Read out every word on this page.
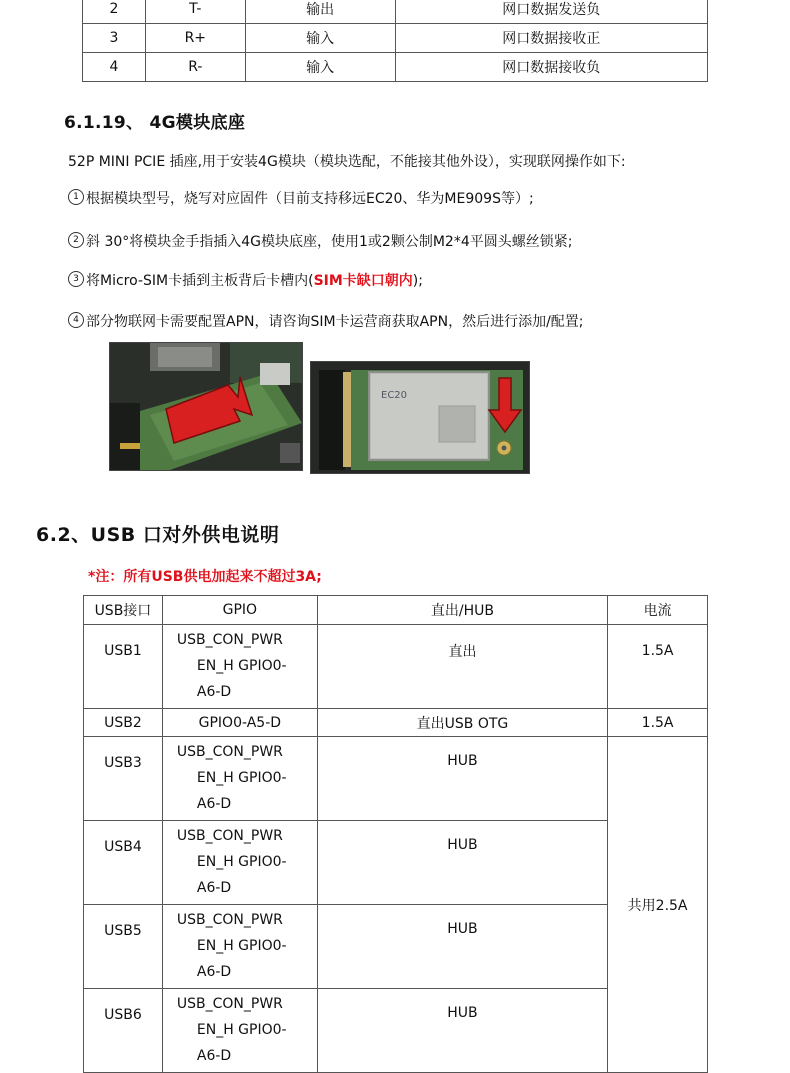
2	T-	输出	网口数据发送负
3	R+	输入	网口数据接收正
4	R-	输入	网口数据接收负
6.1.19、 4G模块底座
52P MINI PCIE 插座,用于安装4G模块（模块选配，不能接其他外设），实现联网操作如下:
1 根据模块型号，烧写对应固件（目前支持移远EC20、华为ME909S等）;
2 斜 30°将模块金手指插入4G模块底座，使用1或2颗公制M2*4平圆头螺丝锁紧;
3 将Micro-SIM卡插到主板背后卡槽内(SIM卡缺口朝内);
4 部分物联网卡需要配置APN，请咨询SIM卡运营商获取APN，然后进行添加/配置;
EC20
6.2、USB 口对外供电说明
*注：所有USB供电加起来不超过3A;
USB接口	GPIO	直出/HUB	电流
USB1	USB_CON_PWR
EN_H GPIO0-
A6-D	直出	1.5A
USB2	GPIO0-A5-D	直出USB OTG	1.5A
USB3	USB_CON_PWR
EN_H GPIO0-
A6-D	HUB	共用2.5A
USB4	USB_CON_PWR
EN_H GPIO0-
A6-D	HUB	
USB5	USB_CON_PWR
EN_H GPIO0-
A6-D	HUB	
USB6	USB_CON_PWR
EN_H GPIO0-
A6-D	HUB	
